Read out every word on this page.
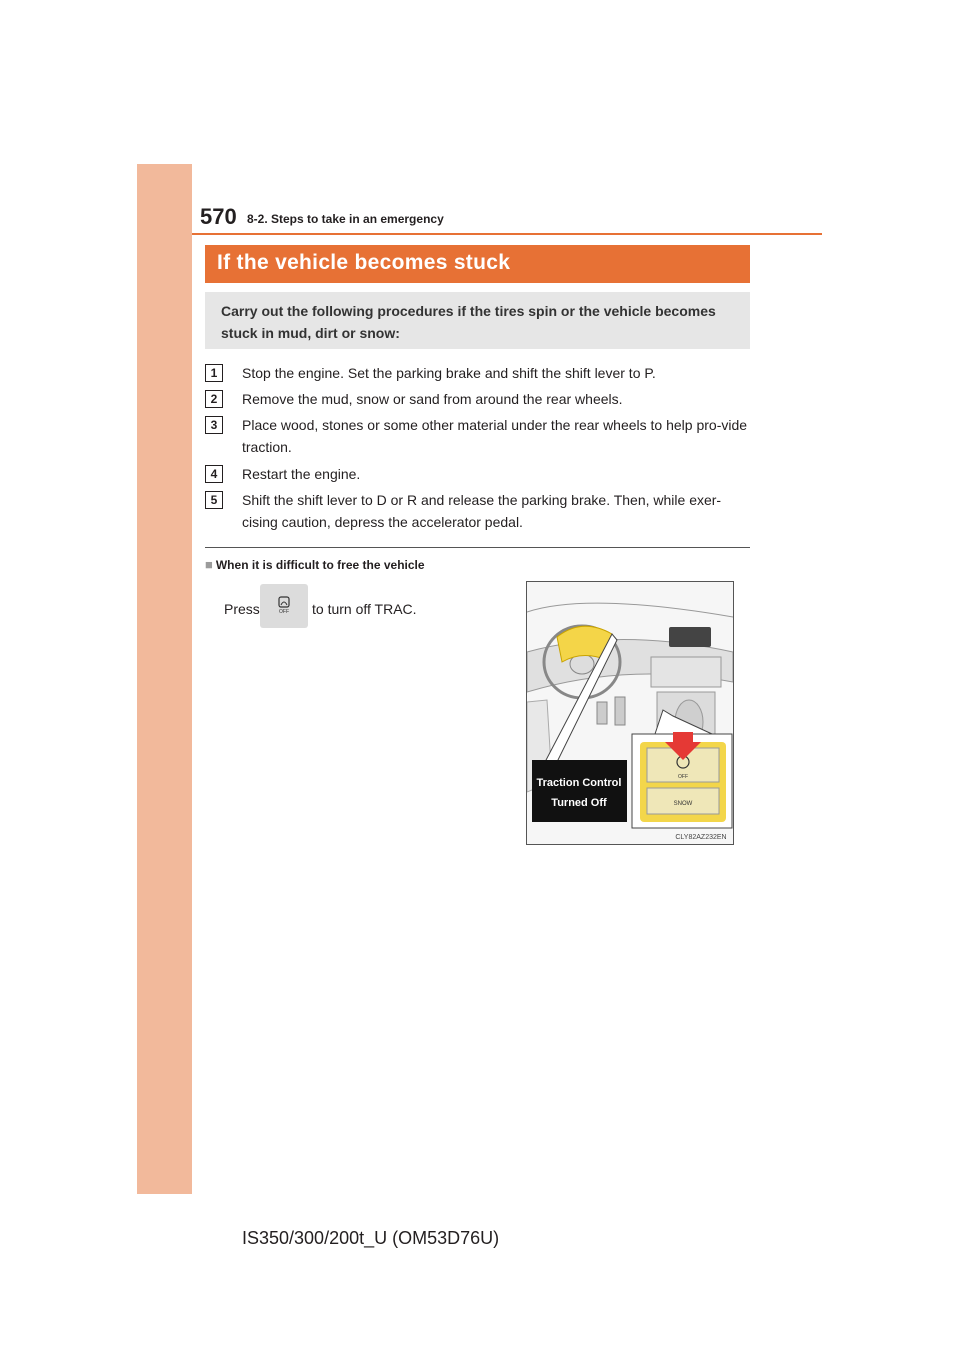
570 8-2. Steps to take in an emergency
If the vehicle becomes stuck
Carry out the following procedures if the tires spin or the vehicle becomes stuck in mud, dirt or snow:
1	Stop the engine. Set the parking brake and shift the shift lever to P.
2	Remove the mud, snow or sand from around the rear wheels.
3	Place wood, stones or some other material under the rear wheels to help pro-vide traction.
4	Restart the engine.
5	Shift the shift lever to D or R and release the parking brake. Then, while exer-cising caution, depress the accelerator pedal.
■ When it is difficult to free the vehicle
Press	OFF to turn off TRAC.
Traction Control
Turned Off
OFF
SNOW
CLY82AZ232EN
IS350/300/200t_U (OM53D76U)
